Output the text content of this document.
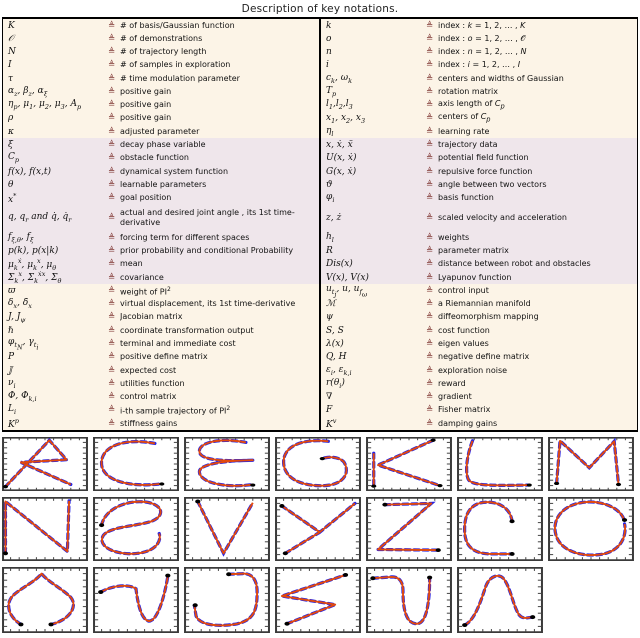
Description of key notations.
K	≜ # of basis/Gaussian function
𝒪	≜ # of demonstrations
N	≜ # of trajectory length
I	≜ # of samples in exploration
τ	≜ # time modulation parameter
$\alpha_z$, $\beta_z$, $\alpha_\xi$	≜ positive gain
$\eta_p$, $\mu_1$, $\mu_2$, $\mu_3$, $A_p$	≜ positive gain
ρ	≜ positive gain
κ	≜ adjusted parameter
ξ	≜ decay phase variable
$C_p$	≜ obstacle function
f(x), f(x,t)	≜ dynamical system function
θ	≜ learnable parameters
x*	≜ goal position
q, $q_r$ and q̇, $q̇_r$	≜
actual and desired joint angle , its 1st time-derivative
$f_{\xi,\theta}$, $f_\xi$	≜ forcing term for different spaces
p(k), p(x|k)	≜ prior probability and conditional Probability
$\mu_k^ẋ$, $\mu_k^x$, $\mu_\theta$	≜ mean
$\Sigma_k^x$, $\Sigma_k^{ẋx}$, $\Sigma_\theta$	≜ covariance
ϖ	≜ weight of $PI^2$
$\delta_x$, $\deltȧ_x$	≜ virtual displacement, its 1st time-derivative
J, $J_\psi$	≜ Jacobian matrix
ℏ	≜ coordinate transformation output
$\varphi_{t_N}$, $\gamma_{t_i}$	≜ terminal and immediate cost
P	≜ positive define matrix
𝕁	≜ expected cost
$\nu_i$	≜ utilities function
Φ, $\Phi_{k,i}$	≜ control matrix
$L_i$	≜ i-th sample trajectory of $PI^2$
$K^p$	≜ stiffness gains
k	≜ index : k = 1, 2, … , K
o	≜ index : o = 1, 2, … , 𝒪
n	≜ index : n = 1, 2, … , N
i	≜ index : i = 1, 2, … , I
$c_k$, $\omega_k$	≜ centers and widths of Gaussian
$T_p$	≜ rotation matrix
$l_1,l_2,l_3$	≜ axis length of $C_p$
$x_1$, $x_2$, $x_3$	≜ centers of $C_p$
$\eta_l$	≜ learning rate
x, ẋ, ẍ	≜ trajectory data
U(x, ẋ)	≜ potential field function
G(x, ẋ)	≜ repulsive force function
ϑ	≜ angle between two vectors
$\varphi_i$	≜ basis function
z, ż	≜ scaled velocity and acceleration
$h_l$	≜ weights
R	≜ parameter matrix
Dis(x)	≜ distance between robot and obstacles
V(x), Ṽ(x)	≜ Lyapunov function
$u_{t_j}$, u, $u_{f_\omega}$	≜ control input
ℳ	≜ a Riemannian manifold
ψ	≜ diffeomorphism mapping
S, S̃	≜ cost function
λ(x)	≜ eigen values
Q, H	≜ negative define matrix
$\varepsilon_i$, $\varepsilon_{k,i}$	≜ exploration noise
$r(\theta_i)$	≜ reward
∇	≜ gradient
F	≜ Fisher matrix
$K^v$	≜ damping gains
